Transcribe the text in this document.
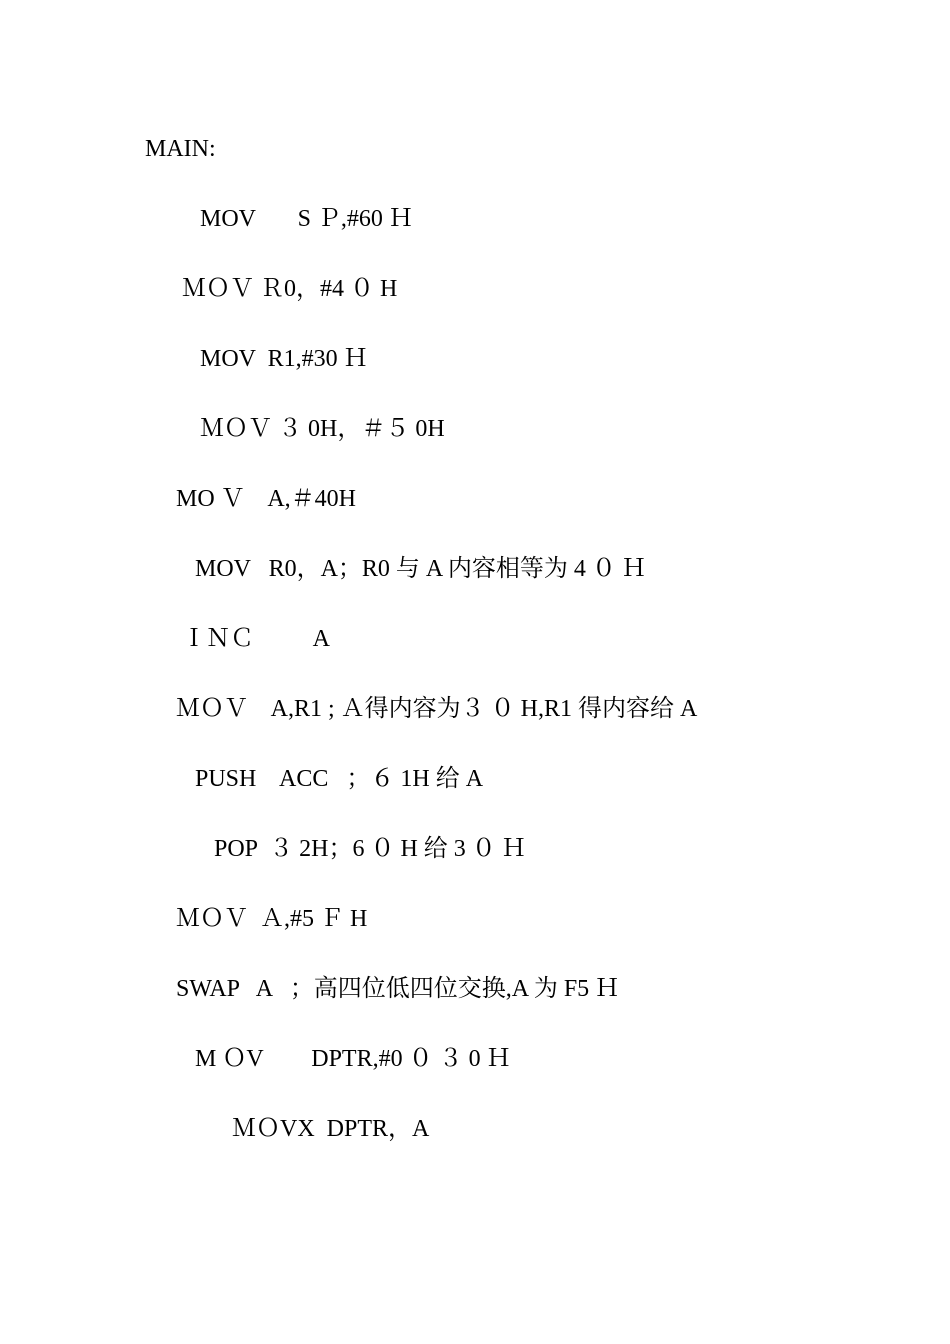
MAIN:

MOV       S Ｐ,#60 Ｈ

ＭＯＶ Ｒ0，#4 ０ H

MOV  R1,#30 Ｈ

ＭＯＶ ３ 0H，＃５ 0H

MO Ｖ    A,＃40H

MOV   R0，A；R0 与 A 内容相等为 4 ０ Ｈ

ＩＮＣ          A

ＭＯＶ    A,R1 ; Ａ得内容为３ ０ H,R1 得内容给 A

PUSH    ACC   ；６ 1H 给 A

POP  ３ 2H；6 ０ H 给 3 ０ Ｈ

ＭＯＶ  Ａ,#5 Ｆ H

SWAP   A   ；高四位低四位交换,A 为 F5 Ｈ

M ＯV        DPTR,#0 ０ ３ 0 Ｈ

ＭＯVX  DPTR，A
